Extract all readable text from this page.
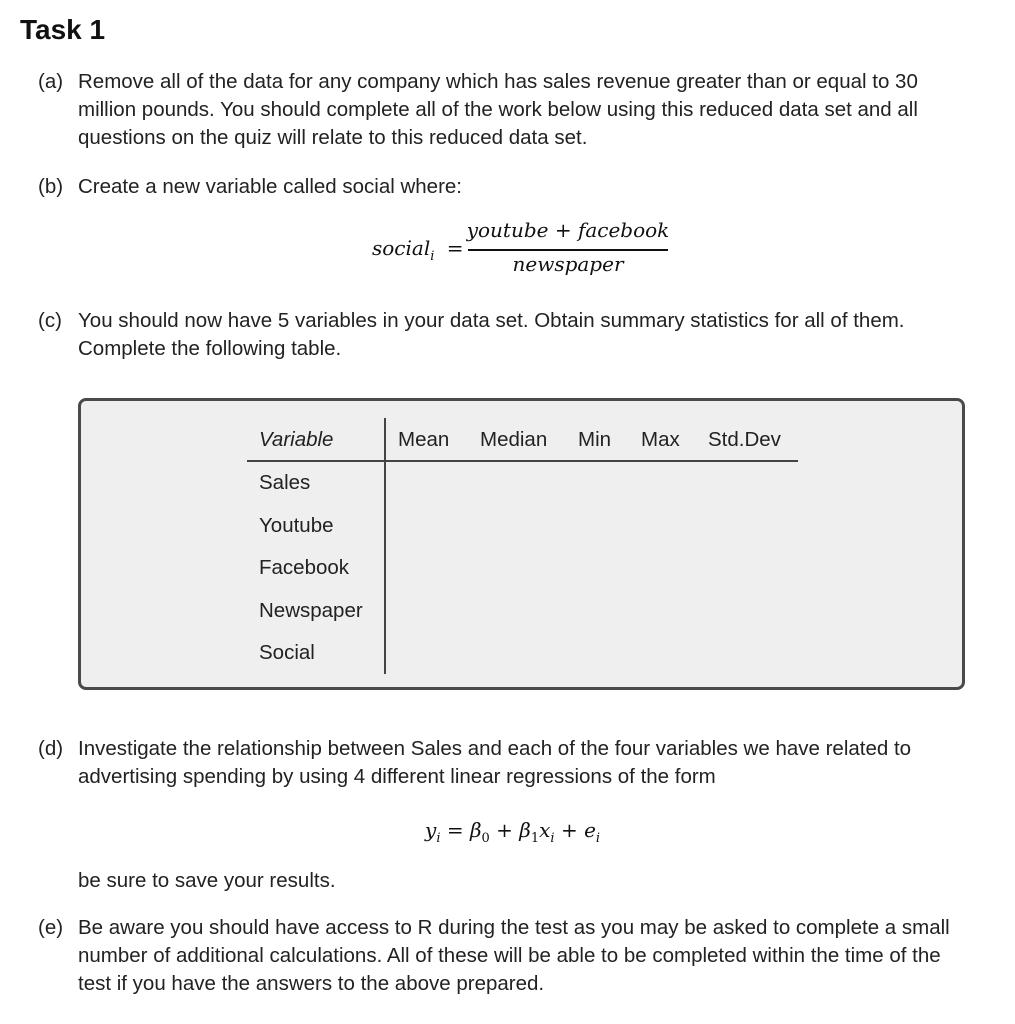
Task 1
(a) Remove all of the data for any company which has sales revenue greater than or equal to 30 million pounds. You should complete all of the work below using this reduced data set and all questions on the quiz will relate to this reduced data set.
(b) Create a new variable called social where:
social$_i$ =
youtube + facebook
newspaper
(c) You should now have 5 variables in your data set. Obtain summary statistics for all of them. Complete the following table.
Variable	Mean Median Min Max Std.Dev
Sales
Youtube
Facebook
Newspaper
Social
(d) Investigate the relationship between Sales and each of the four variables we have related to advertising spending by using 4 different linear regressions of the form
$y_i = \beta_0 + \beta_1x_i + e_i$
be sure to save your results.
(e) Be aware you should have access to R during the test as you may be asked to complete a small number of additional calculations. All of these will be able to be completed within the time of the test if you have the answers to the above prepared.
